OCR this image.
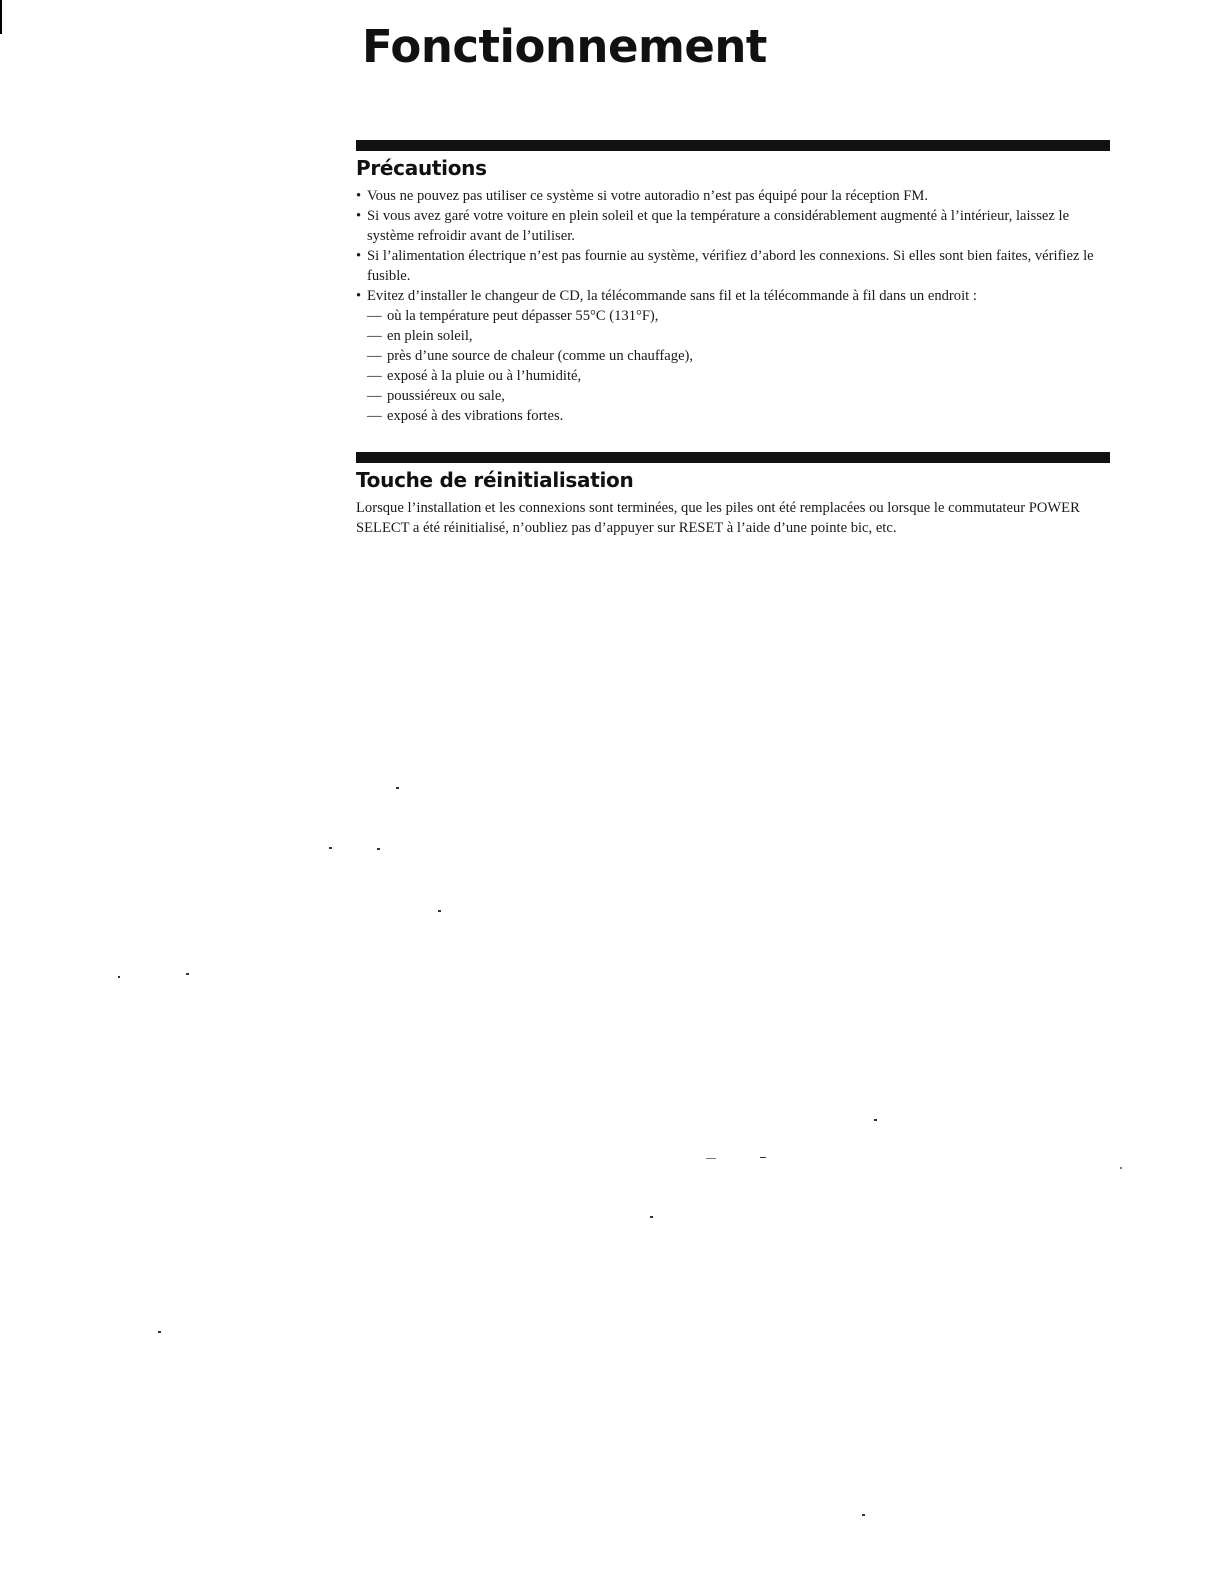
Fonctionnement
Précautions
• Vous ne pouvez pas utiliser ce système si votre autoradio n’est pas équipé pour la réception FM.
• Si vous avez garé votre voiture en plein soleil et que la température a considérablement augmenté à l’intérieur, laissez le système refroidir avant de l’utiliser.
• Si l’alimentation électrique n’est pas fournie au système, vérifiez d’abord les connexions. Si elles sont bien faites, vérifiez le fusible.
• Evitez d’installer le changeur de CD, la télécommande sans fil et la télécommande à fil dans un endroit :
— où la température peut dépasser 55°C (131°F),
— en plein soleil,
— près d’une source de chaleur (comme un chauffage),
— exposé à la pluie ou à l’humidité,
— poussiéreux ou sale,
— exposé à des vibrations fortes.
Touche de réinitialisation

Lorsque l’installation et les connexions sont terminées, que les piles ont été remplacées ou lorsque le commutateur POWER SELECT a été réinitialisé, n’oubliez pas d’appuyer sur RESET à l’aide d’une pointe bic, etc.
